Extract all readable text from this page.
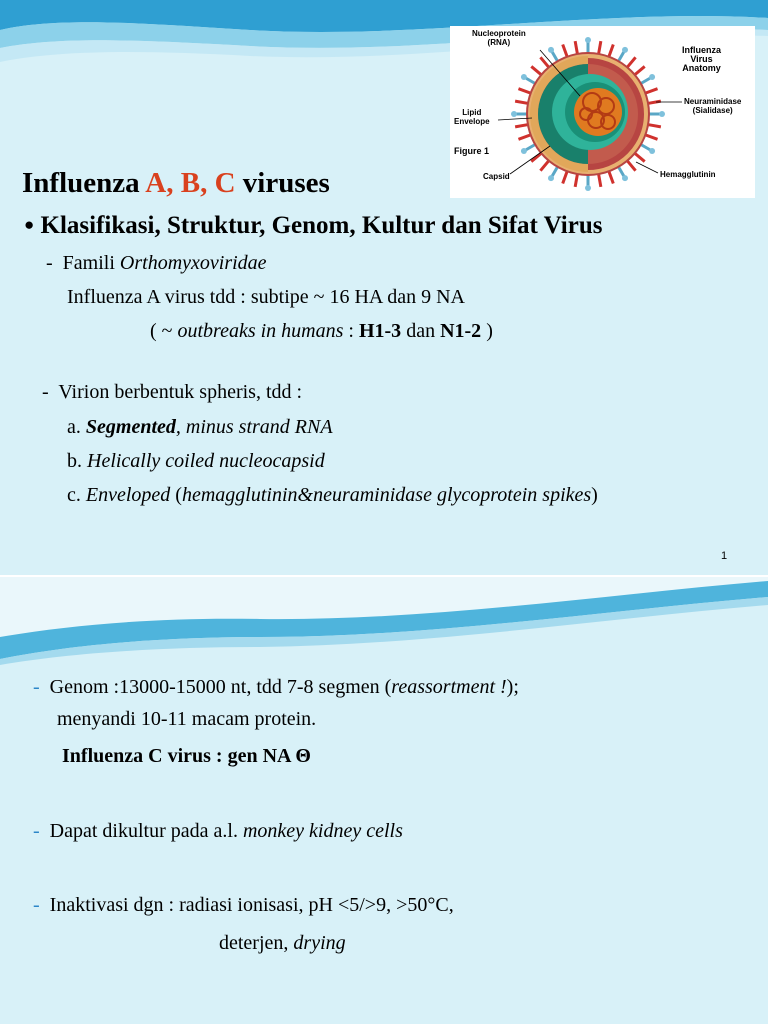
Nucleoprotein
(RNA)
Lipid
Envelope
Figure 1
Capsid
Influenza
Virus
Anatomy
Neuraminidase
(Sialidase)
Hemagglutinin
Influenza A, B, C viruses
● Klasifikasi, Struktur, Genom, Kultur dan Sifat Virus
- Famili Orthomyxoviridae
Influenza A virus tdd : subtipe ~ 16 HA dan 9 NA
( ~ outbreaks in humans : H1-3 dan N1-2 )
- Virion berbentuk spheris, tdd :
a. Segmented, minus strand RNA
b. Helically coiled nucleocapsid
c. Enveloped (hemagglutinin&neuraminidase glycoprotein spikes)
1
- Genom :13000-15000 nt, tdd 7-8 segmen (reassortment !);
menyandi 10-11 macam protein.
Influenza C virus : gen NA Θ
- Dapat dikultur pada a.l. monkey kidney cells
- Inaktivasi dgn : radiasi ionisasi, pH <5/>9, >50°C,
deterjen, drying
